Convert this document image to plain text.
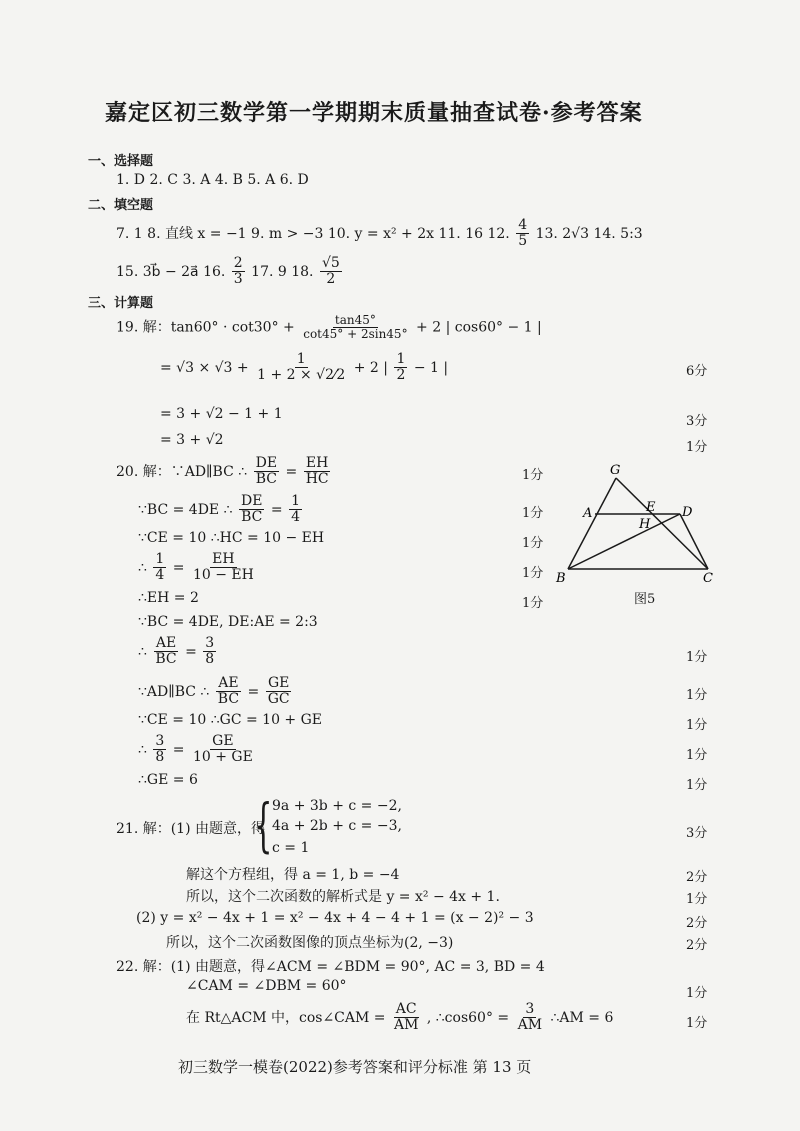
嘉定区初三数学第一学期期末质量抽查试卷·参考答案
一、选择题
1. D 2. C 3. A 4. B 5. A 6. D
二、填空题
7. 1 8. 直线 x = −1 9. m > −3 10. y = x² + 2x 11. 16 12. $\frac{4}{5} 13$. 2√3 14. 5:3
15. 3b⃗ − 2a⃗ 16. $\frac{2}{3} 17$. 9 18. $\frac{√5}{2}$
三、计算题
19. 解：$\tan 60^\circ \cdot \cot 30^\circ + \frac{\tan 45^\circ}{\cot 45^\circ + 2\sin 45^\circ} + 2$ | cos60° − 1 |
= $√3 \times √3 + \frac{1}{1 + 2 \times √2⁄2} + 2$ | $\frac{1}{2} - 1$ |	6分
= 3 + √2 − 1 + 1	3分
= 3 + √2	1分
20. 解：∵AD∥BC ∴ $\frac{DE}{BC} = \frac{EH}{HC}$	1分
∵BC = 4DE ∴ $\frac{DE}{BC} = \frac{1}{4}$	1分
∵CE = 10 ∴HC = 10 − EH	1分
∴ $\frac{1}{4} = \frac{EH}{10 - EH}$	1分
∴EH = 2	1分
∵BC = 4DE, DE:AE = 2:3
∴ $\frac{AE}{BC} = \frac{3}{8}$	1分
∵AD∥BC ∴ $\frac{AE}{BC} = \frac{GE}{GC}$	1分
∵CE = 10 ∴GC = 10 + GE	1分
∴ $\frac{3}{8} = \frac{GE}{10 + GE}$	1分
∴GE = 6	1分
G
A	E D
H
B	C
图5
21. 解：(1) 由题意，得
{ 9a + 3b + c = −2,
4a + 2b + c = −3,
c = 1
3分
解这个方程组，得 a = 1, b = −4	2分
所以，这个二次函数的解析式是 y = x² − 4x + 1.	1分
(2) y = x² − 4x + 1 = x² − 4x + 4 − 4 + 1 = (x − 2)² − 3	2分
所以，这个二次函数图像的顶点坐标为(2, −3)	2分
22. 解：(1) 由题意，得∠ACM = ∠BDM = 90°, AC = 3, BD = 4
∠CAM = ∠DBM = 60°	1分
在 Rt△ACM 中，cos∠CAM = $\frac{AC}{AM}$ , ∴cos60° = $\frac{3}{AM}$ ∴AM = 6	1分
初三数学一模卷(2022)参考答案和评分标准 第 13 页
